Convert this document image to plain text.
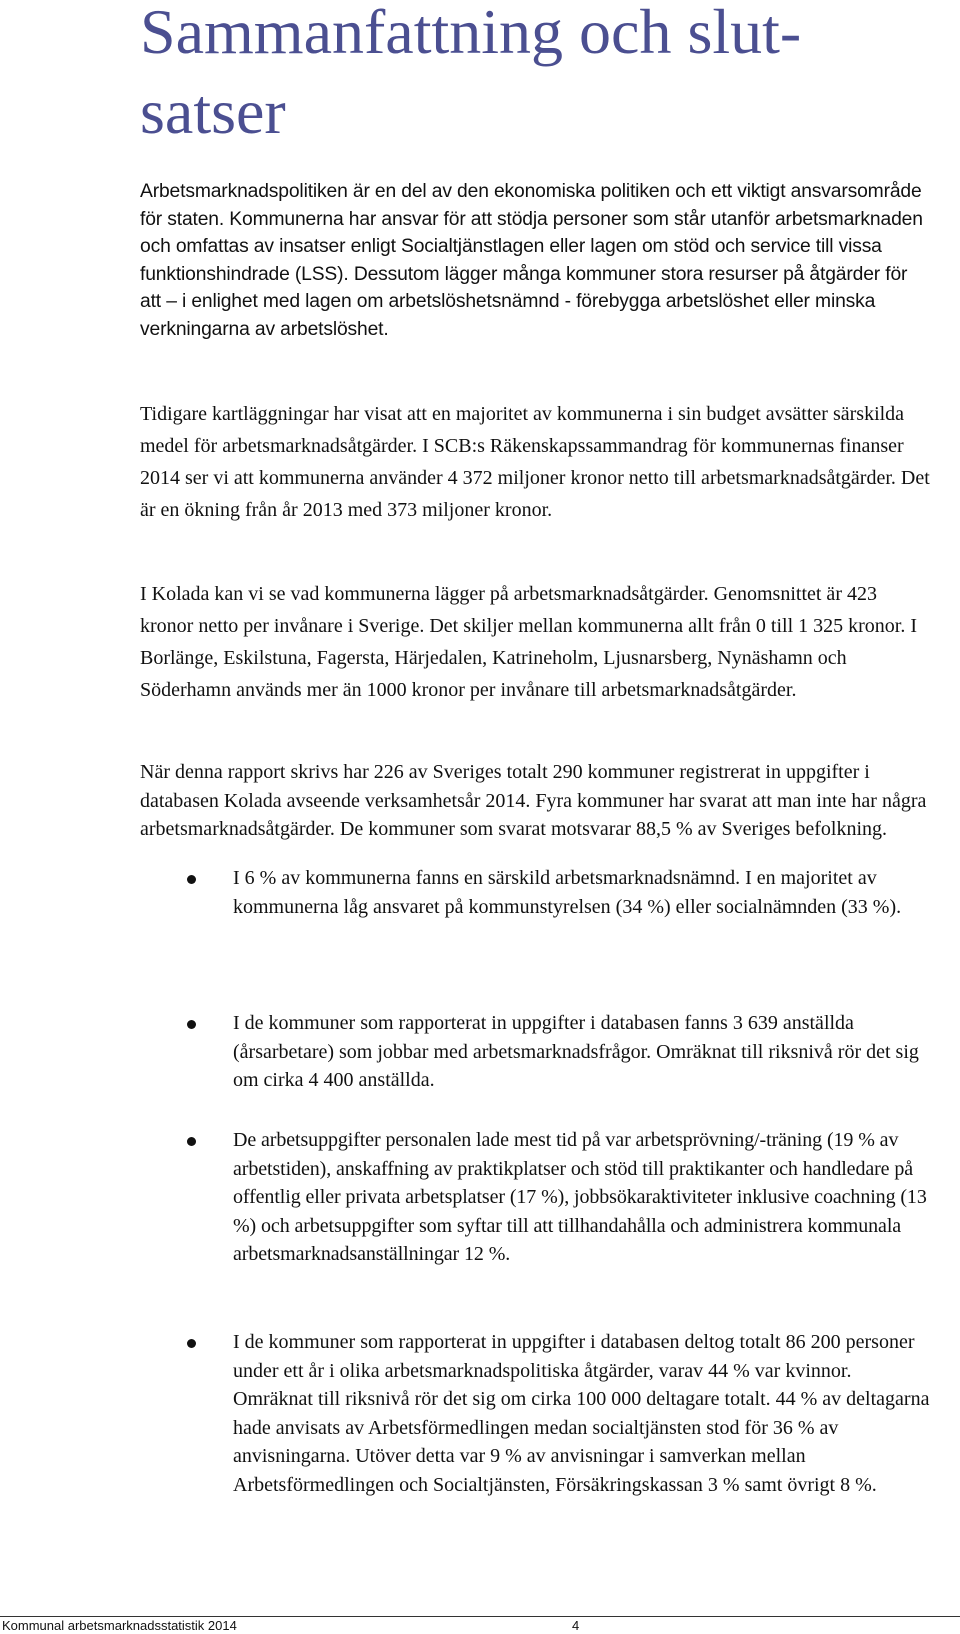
Sammanfattning och slut-satser

Arbetsmarknadspolitiken är en del av den ekonomiska politiken och ett viktigt ansvarsområde för staten. Kommunerna har ansvar för att stödja personer som står utanför arbetsmarknaden och omfattas av insatser enligt Socialtjänstlagen eller lagen om stöd och service till vissa funktionshindrade (LSS). Dessutom lägger många kommuner stora resurser på åtgärder för att – i enlighet med lagen om arbetslöshetsnämnd - förebygga arbetslöshet eller minska verkningarna av arbetslöshet.

Tidigare kartläggningar har visat att en majoritet av kommunerna i sin budget avsätter särskilda medel för arbetsmarknadsåtgärder. I SCB:s Räkenskapssammandrag för kommunernas finanser 2014 ser vi att kommunerna använder 4 372 miljoner kronor netto till arbetsmarknadsåtgärder. Det är en ökning från år 2013 med 373 miljoner kronor.

I Kolada kan vi se vad kommunerna lägger på arbetsmarknadsåtgärder. Genomsnittet är 423 kronor netto per invånare i Sverige. Det skiljer mellan kommunerna allt från 0 till 1 325 kronor. I Borlänge, Eskilstuna, Fagersta, Härjedalen, Katrineholm, Ljusnarsberg, Nynäshamn och Söderhamn används mer än 1000 kronor per invånare till arbetsmarknadsåtgärder.

När denna rapport skrivs har 226 av Sveriges totalt 290 kommuner registrerat in uppgifter i databasen Kolada avseende verksamhetsår 2014. Fyra kommuner har svarat att man inte har några arbetsmarknadsåtgärder. De kommuner som svarat motsvarar 88,5 % av Sveriges befolkning.

I 6 % av kommunerna fanns en särskild arbetsmarknadsnämnd. I en majoritet av kommunerna låg ansvaret på kommunstyrelsen (34 %) eller socialnämnden (33 %).

I de kommuner som rapporterat in uppgifter i databasen fanns 3 639 anställda (årsarbetare) som jobbar med arbetsmarknadsfrågor. Omräknat till riksnivå rör det sig om cirka 4 400 anställda.

De arbetsuppgifter personalen lade mest tid på var arbetsprövning/-träning (19 % av arbetstiden), anskaffning av praktikplatser och stöd till praktikanter och handledare på offentlig eller privata arbetsplatser (17 %), jobbsökaraktiviteter inklusive coachning (13 %) och arbetsuppgifter som syftar till att tillhandahålla och administrera kommunala arbetsmarknadsanställningar 12 %.

I de kommuner som rapporterat in uppgifter i databasen deltog totalt 86 200 personer under ett år i olika arbetsmarknadspolitiska åtgärder, varav 44 % var kvinnor. Omräknat till riksnivå rör det sig om cirka 100 000 deltagare totalt. 44 % av deltagarna hade anvisats av Arbetsförmedlingen medan socialtjänsten stod för 36 % av anvisningarna. Utöver detta var 9 % av anvisningar i samverkan mellan Arbetsförmedlingen och Socialtjänsten, Försäkringskassan 3 % samt övrigt 8 %.

Kommunal arbetsmarknadsstatistik 2014	4
